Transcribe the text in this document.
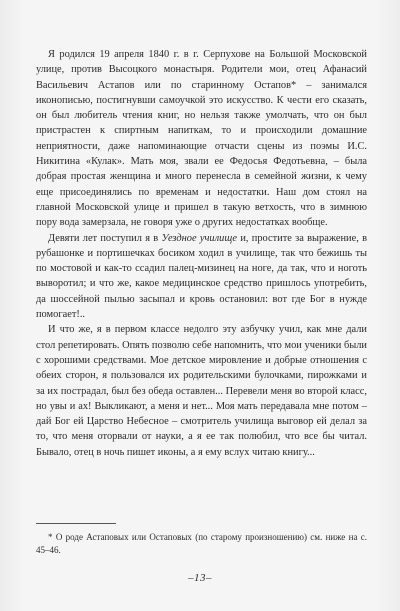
Я родился 19 апреля 1840 г. в г. Серпухове на Большой Московской улице, против Высоцкого монастыря. Родители мои, отец Афанасий Васильевич Астапов или по старинному Остапов* – занимался иконописью, постигнувши самоучкой это искусство. К чести его сказать, он был любитель чтения книг, но нельзя также умолчать, что он был пристрастен к спиртным напиткам, то и происходили домашние неприятности, даже напоминающие отчасти сцены из поэмы И.С. Никитина «Кулак». Мать моя, звали ее Федосья Федотьевна, – была добрая простая женщина и много перенесла в семейной жизни, к чему еще присоединялись по временам и недостатки. Наш дом стоял на главной Московской улице и пришел в такую ветхость, что в зимнюю пору вода замерзала, не говоря уже о других недостатках вообще.

Девяти лет поступил я в Уездное училище и, простите за выражение, в рубашонке и портишечках босиком ходил в училище, так что бежишь ты по мостовой и как-то ссадил палец-мизинец на ноге, да так, что и ноготь выворотил; и что же, какое медицинское средство пришлось употребить, да шоссейной пылью засыпал и кровь остановил: вот где Бог в нужде помогает!..

И что же, я в первом классе недолго эту азбучку учил, как мне дали стол репетировать. Опять позволю себе напомнить, что мои ученики были с хорошими средствами. Мое детское мировление и добрые отношения с обеих сторон, я пользовался их родительскими булочками, пирожками и за их пострадал, был без обеда оставлен... Перевели меня во второй класс, но увы и ах! Выкликают, а меня и нет... Моя мать передавала мне потом – дай Бог ей Царство Небесное – смотритель училища выговор ей делал за то, что меня оторвали от науки, а я ее так полюбил, что все бы читал. Бывало, отец в ночь пишет иконы, а я ему вслух читаю книгу...

* О роде Астаповых или Остаповых (по старому произношению) см. ниже на с. 45–46.

–13–
